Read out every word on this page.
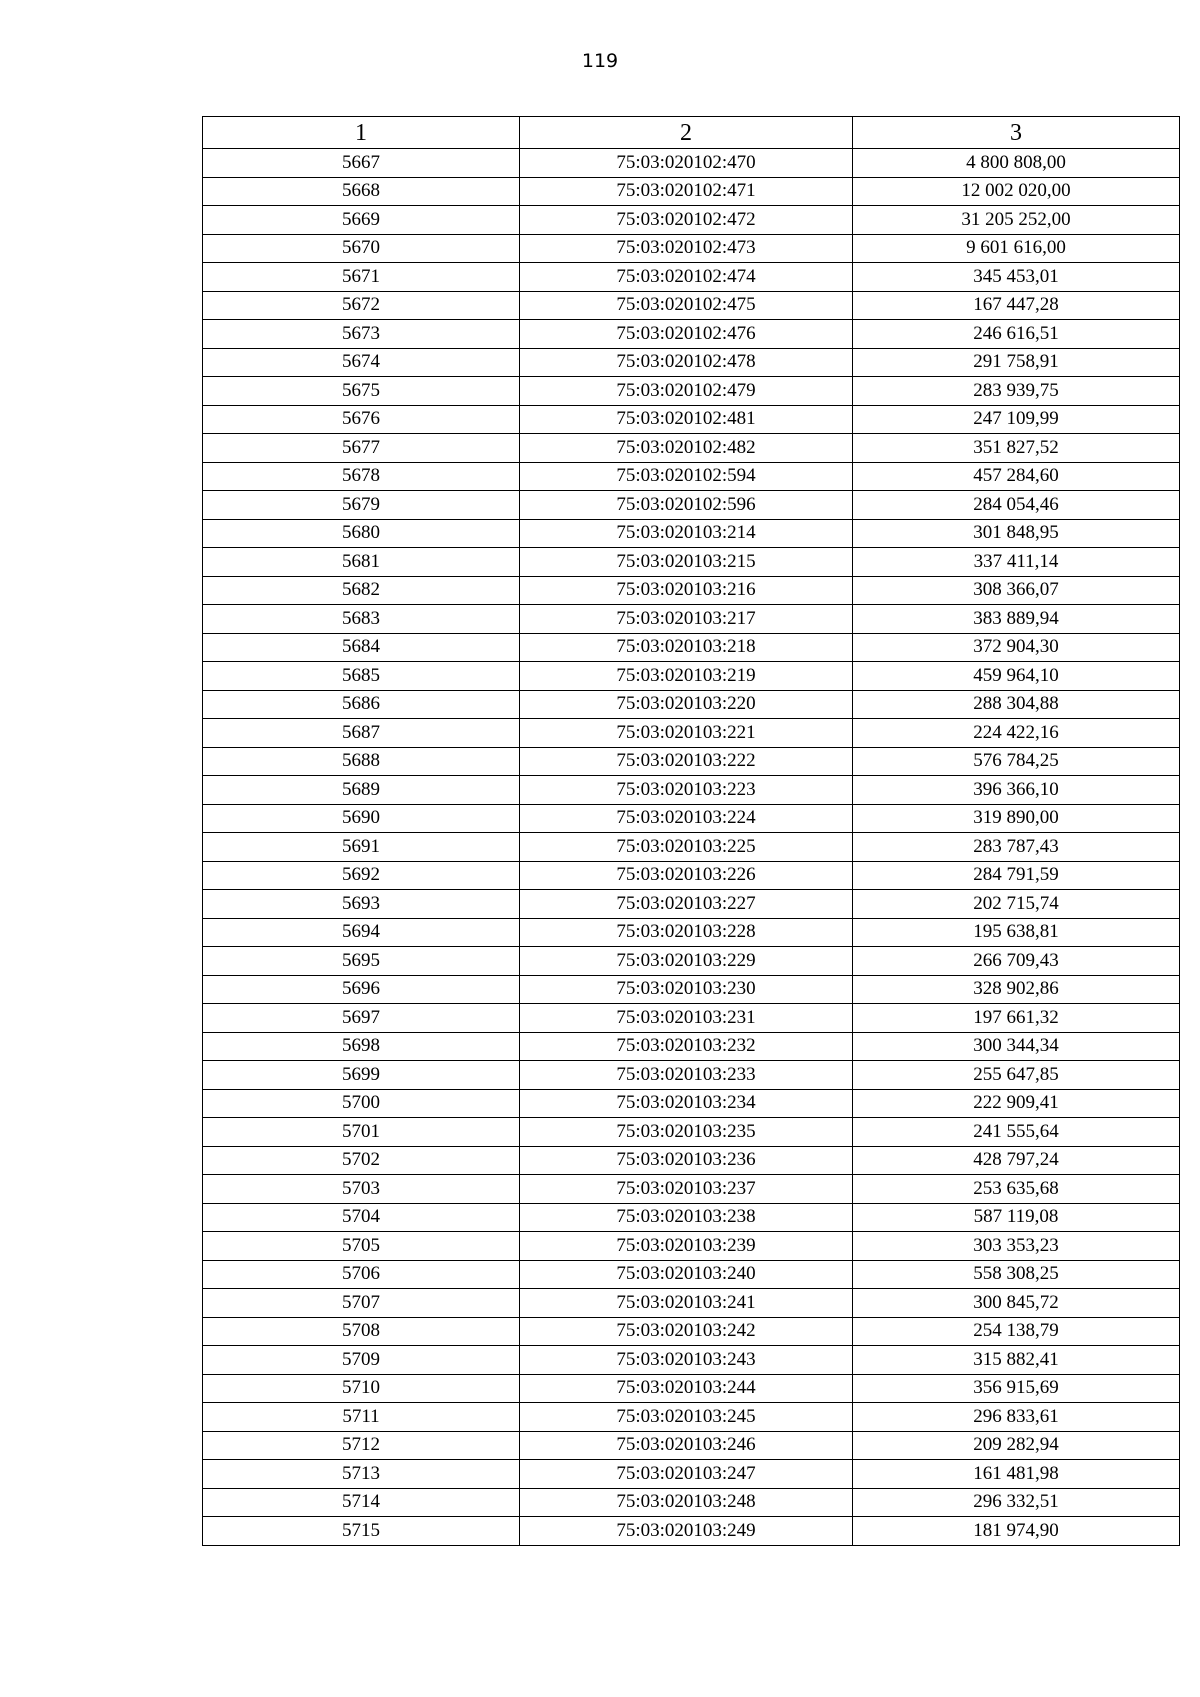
119
1	2	3
5667	75:03:020102:470	4 800 808,00
5668	75:03:020102:471	12 002 020,00
5669	75:03:020102:472	31 205 252,00
5670	75:03:020102:473	9 601 616,00
5671	75:03:020102:474	345 453,01
5672	75:03:020102:475	167 447,28
5673	75:03:020102:476	246 616,51
5674	75:03:020102:478	291 758,91
5675	75:03:020102:479	283 939,75
5676	75:03:020102:481	247 109,99
5677	75:03:020102:482	351 827,52
5678	75:03:020102:594	457 284,60
5679	75:03:020102:596	284 054,46
5680	75:03:020103:214	301 848,95
5681	75:03:020103:215	337 411,14
5682	75:03:020103:216	308 366,07
5683	75:03:020103:217	383 889,94
5684	75:03:020103:218	372 904,30
5685	75:03:020103:219	459 964,10
5686	75:03:020103:220	288 304,88
5687	75:03:020103:221	224 422,16
5688	75:03:020103:222	576 784,25
5689	75:03:020103:223	396 366,10
5690	75:03:020103:224	319 890,00
5691	75:03:020103:225	283 787,43
5692	75:03:020103:226	284 791,59
5693	75:03:020103:227	202 715,74
5694	75:03:020103:228	195 638,81
5695	75:03:020103:229	266 709,43
5696	75:03:020103:230	328 902,86
5697	75:03:020103:231	197 661,32
5698	75:03:020103:232	300 344,34
5699	75:03:020103:233	255 647,85
5700	75:03:020103:234	222 909,41
5701	75:03:020103:235	241 555,64
5702	75:03:020103:236	428 797,24
5703	75:03:020103:237	253 635,68
5704	75:03:020103:238	587 119,08
5705	75:03:020103:239	303 353,23
5706	75:03:020103:240	558 308,25
5707	75:03:020103:241	300 845,72
5708	75:03:020103:242	254 138,79
5709	75:03:020103:243	315 882,41
5710	75:03:020103:244	356 915,69
5711	75:03:020103:245	296 833,61
5712	75:03:020103:246	209 282,94
5713	75:03:020103:247	161 481,98
5714	75:03:020103:248	296 332,51
5715	75:03:020103:249	181 974,90
